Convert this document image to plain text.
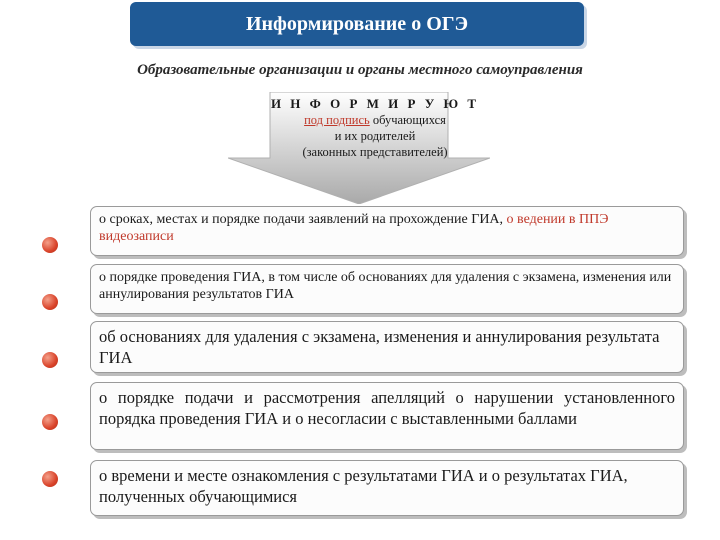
Информирование о ОГЭ
Образовательные организации и органы местного самоуправления
И Н Ф О Р М И Р У Ю Т
под подпись обучающихся
и их родителей
(законных представителей)
о сроках, местах и порядке подачи заявлений на прохождение ГИА, о ведении в ППЭ видеозаписи
о порядке проведения ГИА, в том числе об основаниях для удаления с экзамена, изменения или аннулирования результатов ГИА
об основаниях для удаления с экзамена, изменения и аннулирования результата ГИА
о порядке подачи и рассмотрения апелляций о нарушении установленного порядка проведения ГИА и о несогласии с выставленными баллами
о времени и месте ознакомления с результатами ГИА и о результатах ГИА, полученных обучающимися
